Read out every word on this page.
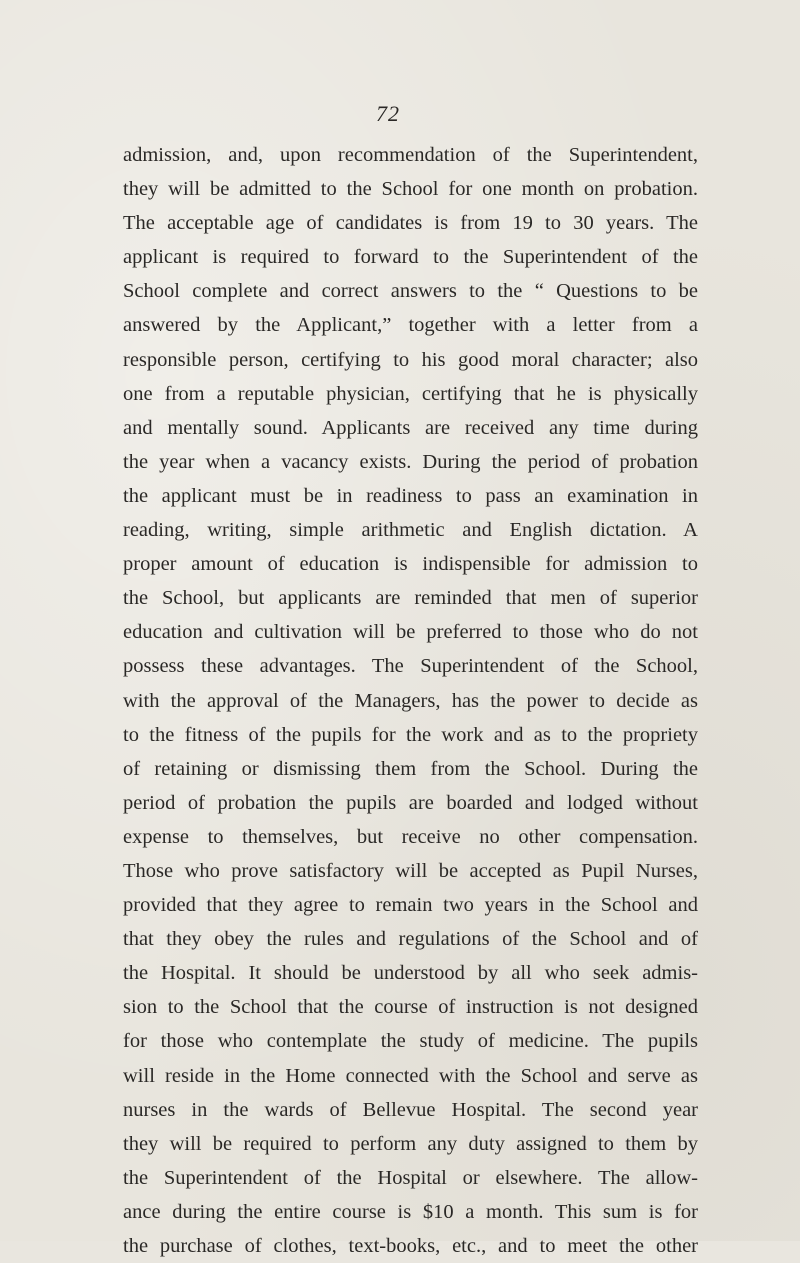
72
admission, and, upon recommendation of the Superintendent,
they will be admitted to the School for one month on probation.
The acceptable age of candidates is from 19 to 30 years. The
applicant is required to forward to the Superintendent of the
School complete and correct answers to the “ Questions to be
answered by the Applicant,” together with a letter from a
responsible person, certifying to his good moral character; also
one from a reputable physician, certifying that he is physically
and mentally sound. Applicants are received any time during
the year when a vacancy exists. During the period of probation
the applicant must be in readiness to pass an examination in
reading, writing, simple arithmetic and English dictation. A
proper amount of education is indispensible for admission to
the School, but applicants are reminded that men of superior
education and cultivation will be preferred to those who do not
possess these advantages. The Superintendent of the School,
with the approval of the Managers, has the power to decide as
to the fitness of the pupils for the work and as to the propriety
of retaining or dismissing them from the School. During the
period of probation the pupils are boarded and lodged without
expense to themselves, but receive no other compensation.
Those who prove satisfactory will be accepted as Pupil Nurses,
provided that they agree to remain two years in the School and
that they obey the rules and regulations of the School and of
the Hospital. It should be understood by all who seek admis-
sion to the School that the course of instruction is not designed
for those who contemplate the study of medicine. The pupils
will reside in the Home connected with the School and serve as
nurses in the wards of Bellevue Hospital. The second year
they will be required to perform any duty assigned to them by
the Superintendent of the Hospital or elsewhere. The allow-
ance during the entire course is $10 a month. This sum is for
the purchase of clothes, text-books, etc., and to meet the other
